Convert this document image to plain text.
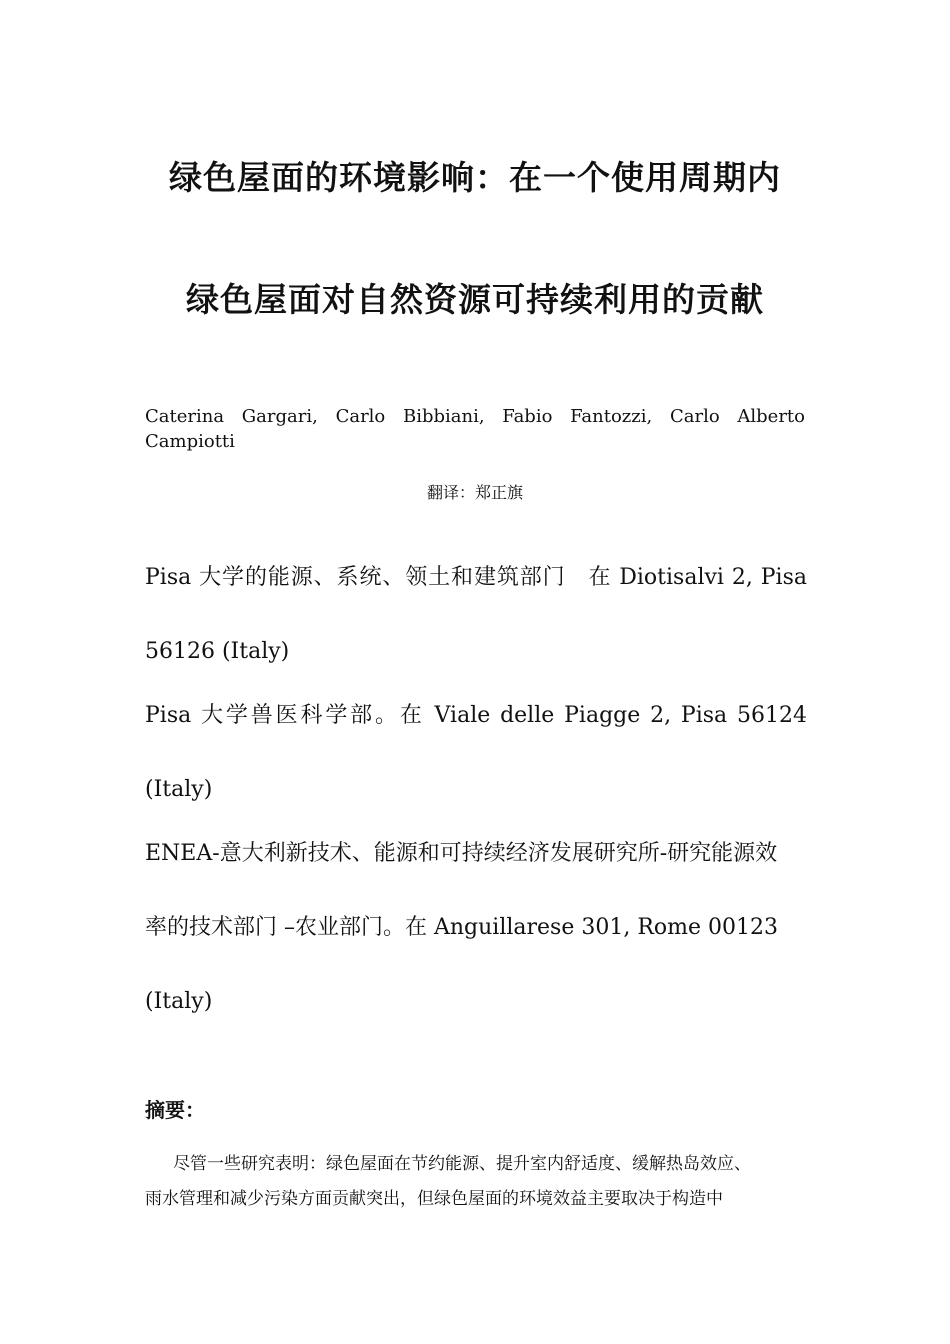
绿色屋面的环境影响：在一个使用周期内
绿色屋面对自然资源可持续利用的贡献
Caterina Gargari, Carlo Bibbiani, Fabio Fantozzi, Carlo Alberto Campiotti
翻译：郑正旗
Pisa 大学的能源、系统、领土和建筑部门　在 Diotisalvi 2, Pisa
56126 (Italy)
Pisa 大学兽医科学部。在 Viale delle Piagge 2, Pisa 56124
(Italy)
ENEA-意大利新技术、能源和可持续经济发展研究所-研究能源效
率的技术部门 –农业部门。在 Anguillarese 301, Rome 00123
(Italy)
摘要：
尽管一些研究表明：绿色屋面在节约能源、提升室内舒适度、缓解热岛效应、
雨水管理和减少污染方面贡献突出，但绿色屋面的环境效益主要取决于构造中
